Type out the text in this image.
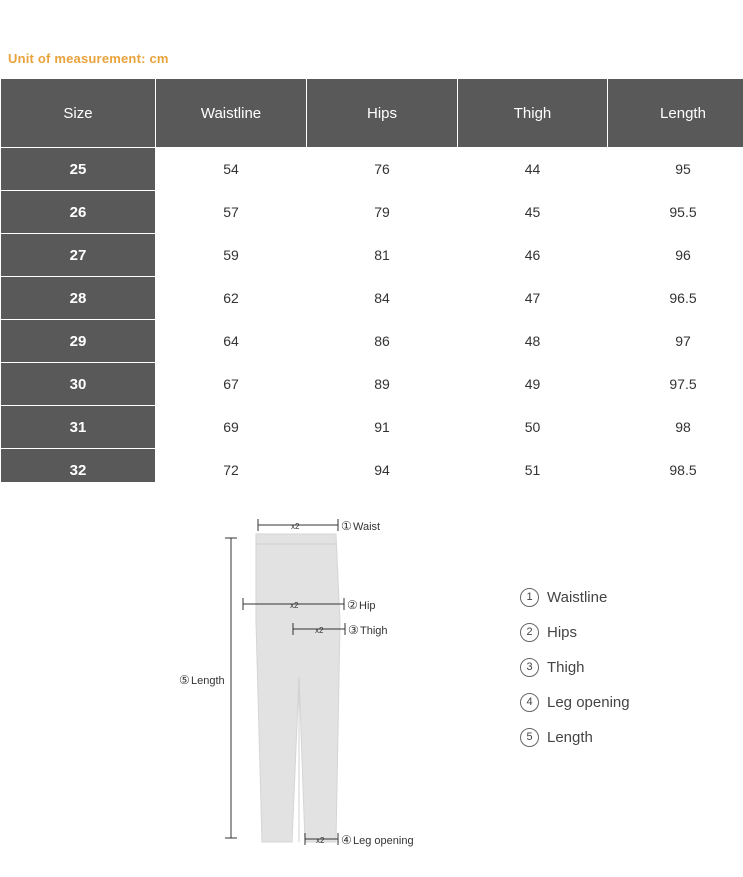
Unit of measurement: cm
Size	Waistline	Hips	Thigh	Length
25	54	76	44	95
26	57	79	45	95.5
27	59	81	46	96
28	62	84	47	96.5
29	64	86	48	97
30	67	89	49	97.5
31	69	91	50	98
32	72	94	51	98.5
x2	① Waist
x2	② Hip
x2 ③ Thigh
⑤ Length
x2 ④ Leg opening
1 Waistline
2 Hips
3 Thigh
4 Leg opening
5 Length
